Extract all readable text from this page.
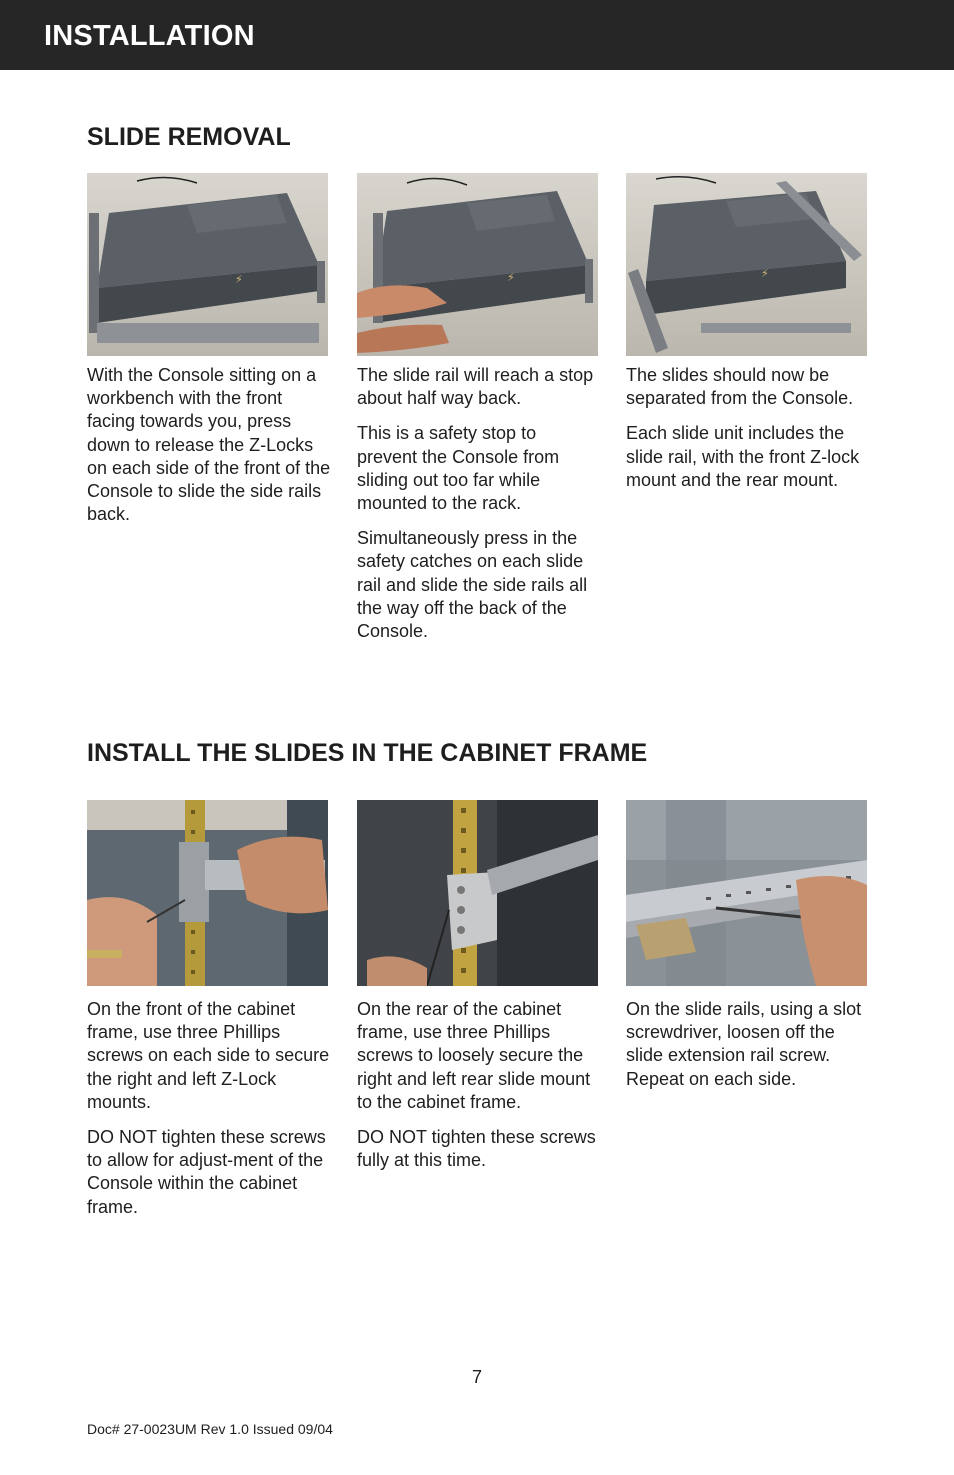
INSTALLATION
SLIDE REMOVAL
⚡	⚡	⚡

With the Console sitting on a workbench with the front facing towards you, press down to release the Z-Locks on each side of the front of the Console to slide the side rails back.

The slide rail will reach a stop about half way back.

This is a safety stop to prevent the Console from sliding out too far while mounted to the rack.

Simultaneously press in the safety catches on each slide rail and slide the side rails all the way off the back of the Console.

The slides should now be separated from the Console.

Each slide unit includes the slide rail, with the front Z-lock mount and the rear mount.

INSTALL THE SLIDES IN THE CABINET FRAME

On the front of the cabinet frame, use three Phillips screws on each side to secure the right and left Z-Lock mounts.

DO NOT tighten these screws to allow for adjust-ment of the Console within the cabinet frame.

On the rear of the cabinet frame, use three Phillips screws to loosely secure the right and left rear slide mount to the cabinet frame.

DO NOT tighten these screws fully at this time.

On the slide rails, using a slot screwdriver, loosen off the slide extension rail screw. Repeat on each side.

7
Doc# 27-0023UM Rev 1.0 Issued 09/04
